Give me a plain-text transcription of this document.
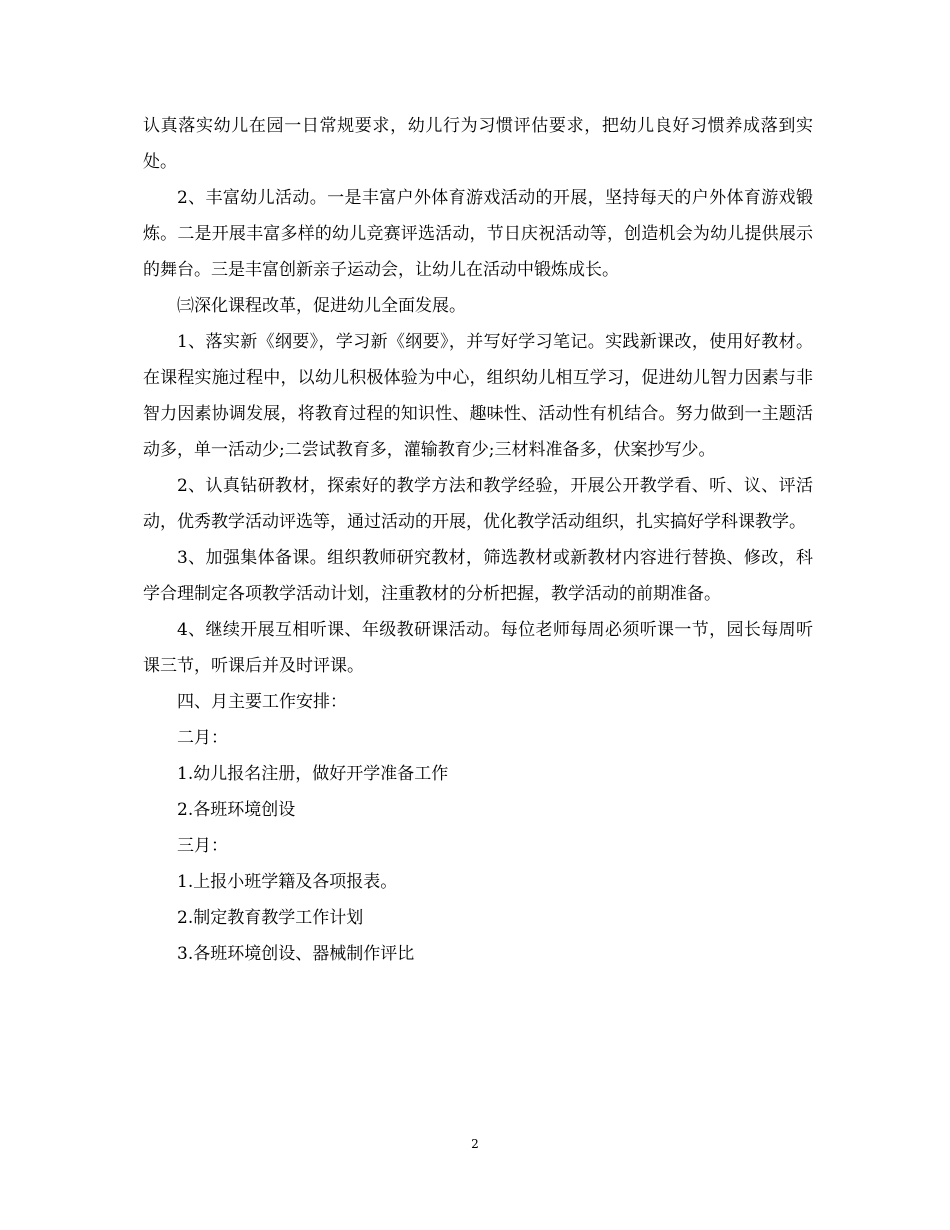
认真落实幼儿在园一日常规要求，幼儿行为习惯评估要求，把幼儿良好习惯养成落到实处。

2、丰富幼儿活动。一是丰富户外体育游戏活动的开展，坚持每天的户外体育游戏锻炼。二是开展丰富多样的幼儿竞赛评选活动，节日庆祝活动等，创造机会为幼儿提供展示的舞台。三是丰富创新亲子运动会，让幼儿在活动中锻炼成长。

㈢深化课程改革，促进幼儿全面发展。

1、落实新《纲要》，学习新《纲要》，并写好学习笔记。实践新课改，使用好教材。在课程实施过程中，以幼儿积极体验为中心，组织幼儿相互学习，促进幼儿智力因素与非智力因素协调发展，将教育过程的知识性、趣味性、活动性有机结合。努力做到一主题活动多，单一活动少;二尝试教育多，灌输教育少;三材料准备多，伏案抄写少。

2、认真钻研教材，探索好的教学方法和教学经验，开展公开教学看、听、议、评活动，优秀教学活动评选等，通过活动的开展，优化教学活动组织，扎实搞好学科课教学。

3、加强集体备课。组织教师研究教材，筛选教材或新教材内容进行替换、修改，科学合理制定各项教学活动计划，注重教材的分析把握，教学活动的前期准备。

4、继续开展互相听课、年级教研课活动。每位老师每周必须听课一节，园长每周听课三节，听课后并及时评课。

四、月主要工作安排：

二月：

1.幼儿报名注册，做好开学准备工作

2.各班环境创设

三月：

1.上报小班学籍及各项报表。

2.制定教育教学工作计划

3.各班环境创设、器械制作评比

2
